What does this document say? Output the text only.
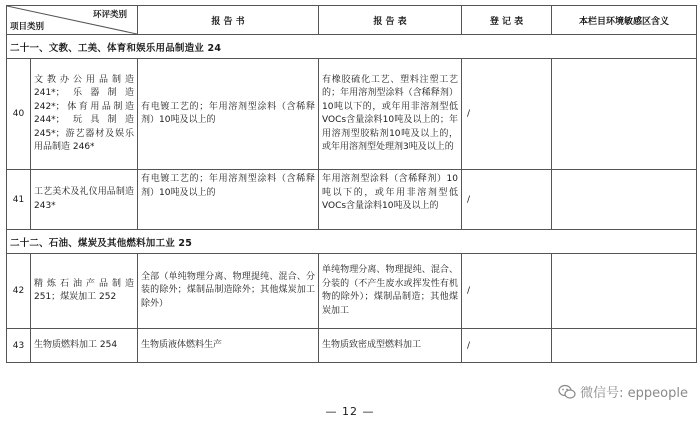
环评类别
项目类别		报 告 书	报 告 表	登 记 表	本栏目环境敏感区含义
二十一、文教、工美、体育和娱乐用品制造业 24					
40	文教办公用品制造 241*；乐器制造 242*；体育用品制造 244*；玩具制造 245*；游艺器材及娱乐用品制造 246*	有电镀工艺的；年用溶剂型涂料（含稀释剂）10吨及以上的	有橡胶硫化工艺、塑料注塑工艺的；年用溶剂型涂料（含稀释剂）10吨以下的，或年用非溶剂型低VOCs含量涂料10吨及以上的；年用溶剂型胶粘剂10吨及以上的，或年用溶剂型处理剂3吨及以上的	/	
41	工艺美术及礼仪用品制造 243*	有电镀工艺的；年用溶剂型涂料（含稀释剂）10吨及以上的	年用溶剂型涂料（含稀释剂）10吨以下的，或年用非溶剂型低VOCs含量涂料10吨及以上的	/	
二十二、石油、煤炭及其他燃料加工业 25					
42	精炼石油产品制造 251；煤炭加工 252	全部（单纯物理分离、物理提纯、混合、分装的除外；煤制品制造除外；其他煤炭加工除外）	单纯物理分离、物理提纯、混合、分装的（不产生废水或挥发性有机物的除外）；煤制品制造；其他煤炭加工	/	
43	生物质燃料加工 254	生物质液体燃料生产	生物质致密成型燃料加工	/	
微信号: eppeople
— 12 —
